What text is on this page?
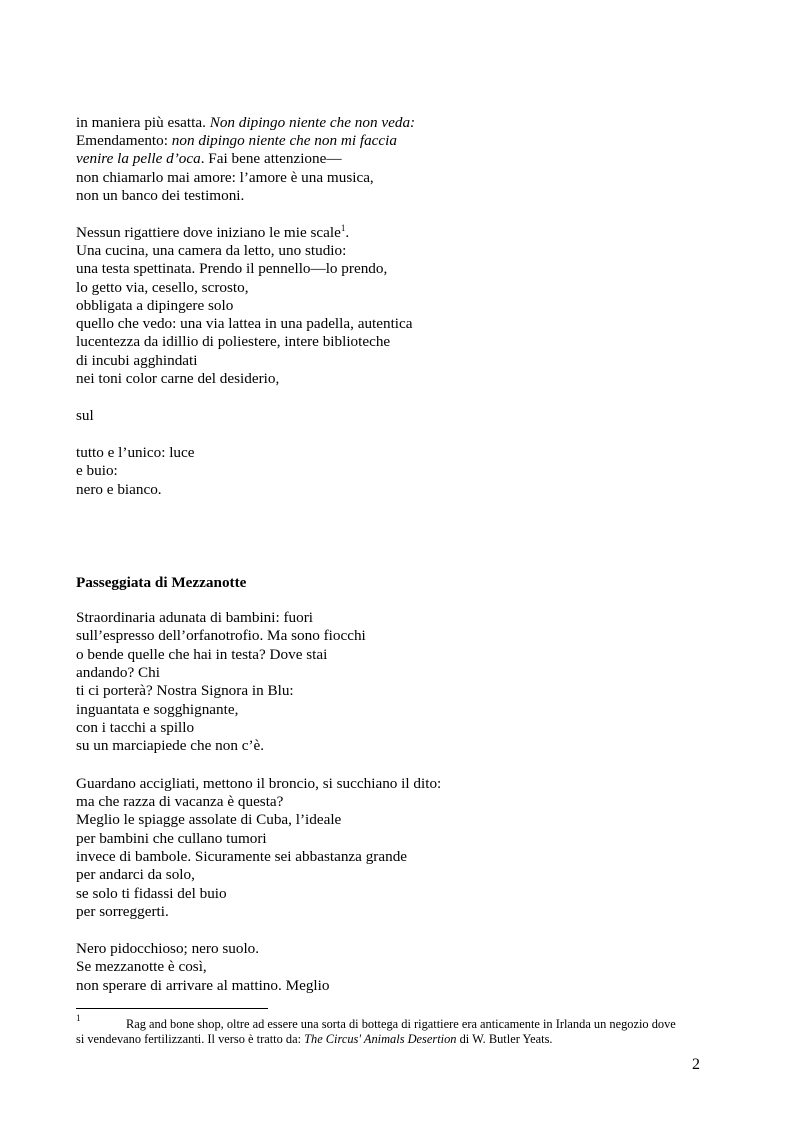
in maniera più esatta. Non dipingo niente che non veda:
Emendamento: non dipingo niente che non mi faccia
venire la pelle d’oca. Fai bene attenzione—
non chiamarlo mai amore: l’amore è una musica,
non un banco dei testimoni.
Nessun rigattiere dove iniziano le mie scale$^1$.
Una cucina, una camera da letto, uno studio:
una testa spettinata. Prendo il pennello—lo prendo,
lo getto via, cesello, scrosto,
obbligata a dipingere solo
quello che vedo: una via lattea in una padella, autentica
lucentezza da idillio di poliestere, intere biblioteche
di incubi agghindati
nei toni color carne del desiderio,
sul
tutto e l’unico: luce
e buio:
nero e bianco.
Passeggiata di Mezzanotte
Straordinaria adunata di bambini: fuori
sull’espresso dell’orfanotrofio. Ma sono fiocchi
o bende quelle che hai in testa? Dove stai
andando? Chi
ti ci porterà? Nostra Signora in Blu:
inguantata e sogghignante,
con i tacchi a spillo
su un marciapiede che non c’è.
Guardano accigliati, mettono il broncio, si succhiano il dito:
ma che razza di vacanza è questa?
Meglio le spiagge assolate di Cuba, l’ideale
per bambini che cullano tumori
invece di bambole. Sicuramente sei abbastanza grande
per andarci da solo,
se solo ti fidassi del buio
per sorreggerti.
Nero pidocchioso; nero suolo.
Se mezzanotte è così,
non sperare di arrivare al mattino. Meglio
1	Rag and bone shop, oltre ad essere una sorta di bottega di rigattiere era anticamente in Irlanda un negozio dove
si vendevano fertilizzanti. Il verso è tratto da: The Circus' Animals Desertion di W. Butler Yeats.
2
